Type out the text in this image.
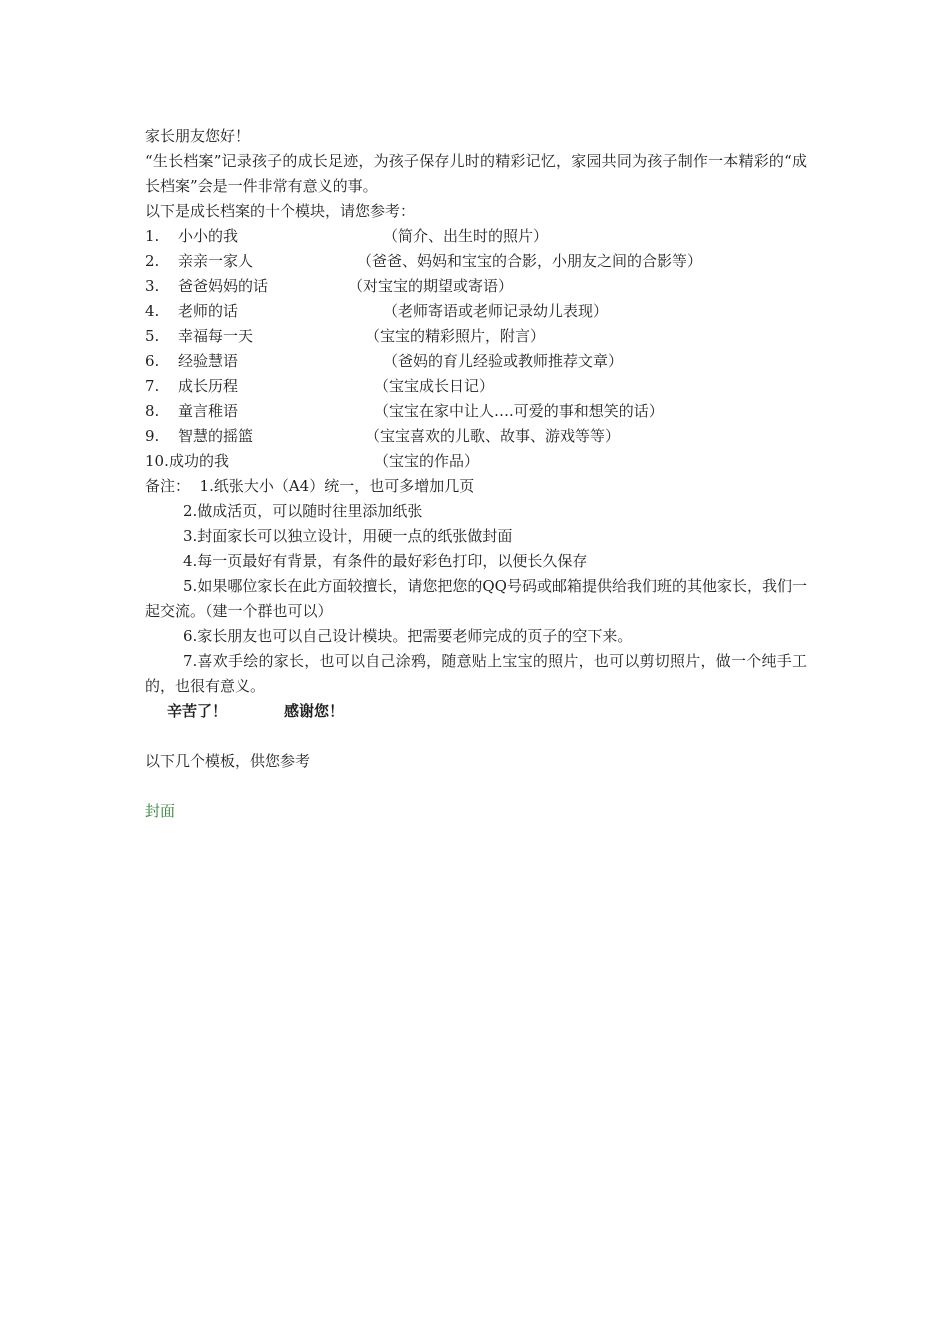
家长朋友您好！
“生长档案”记录孩子的成长足迹，为孩子保存儿时的精彩记忆，家园共同为孩子制作一本精彩的“成长档案”会是一件非常有意义的事。
以下是成长档案的十个模块，请您参考：
1. 小小的我	（简介、出生时的照片）
2. 亲亲一家人	（爸爸、妈妈和宝宝的合影，小朋友之间的合影等）
3. 爸爸妈妈的话	（对宝宝的期望或寄语）
4. 老师的话	（老师寄语或老师记录幼儿表现）
5. 幸福每一天	（宝宝的精彩照片，附言）
6. 经验慧语	（爸妈的育儿经验或教师推荐文章）
7. 成长历程	（宝宝成长日记）
8. 童言稚语	（宝宝在家中让人….可爱的事和想笑的话）
9. 智慧的摇篮	（宝宝喜欢的儿歌、故事、游戏等等）
10. 成功的我	（宝宝的作品）
备注：  1.纸张大小（A4）统一，也可多增加几页
2.做成活页，可以随时往里添加纸张
3.封面家长可以独立设计，用硬一点的纸张做封面
4.每一页最好有背景，有条件的最好彩色打印，以便长久保存
5.如果哪位家长在此方面较擅长，请您把您的QQ号码或邮箱提供给我们班的其他家长，我们一起交流。（建一个群也可以）
6.家长朋友也可以自己设计模块。把需要老师完成的页子的空下来。
7.喜欢手绘的家长，也可以自己涂鸦，随意贴上宝宝的照片，也可以剪切照片，做一个纯手工的，也很有意义。
辛苦了！	感谢您！
以下几个模板，供您参考
封面
